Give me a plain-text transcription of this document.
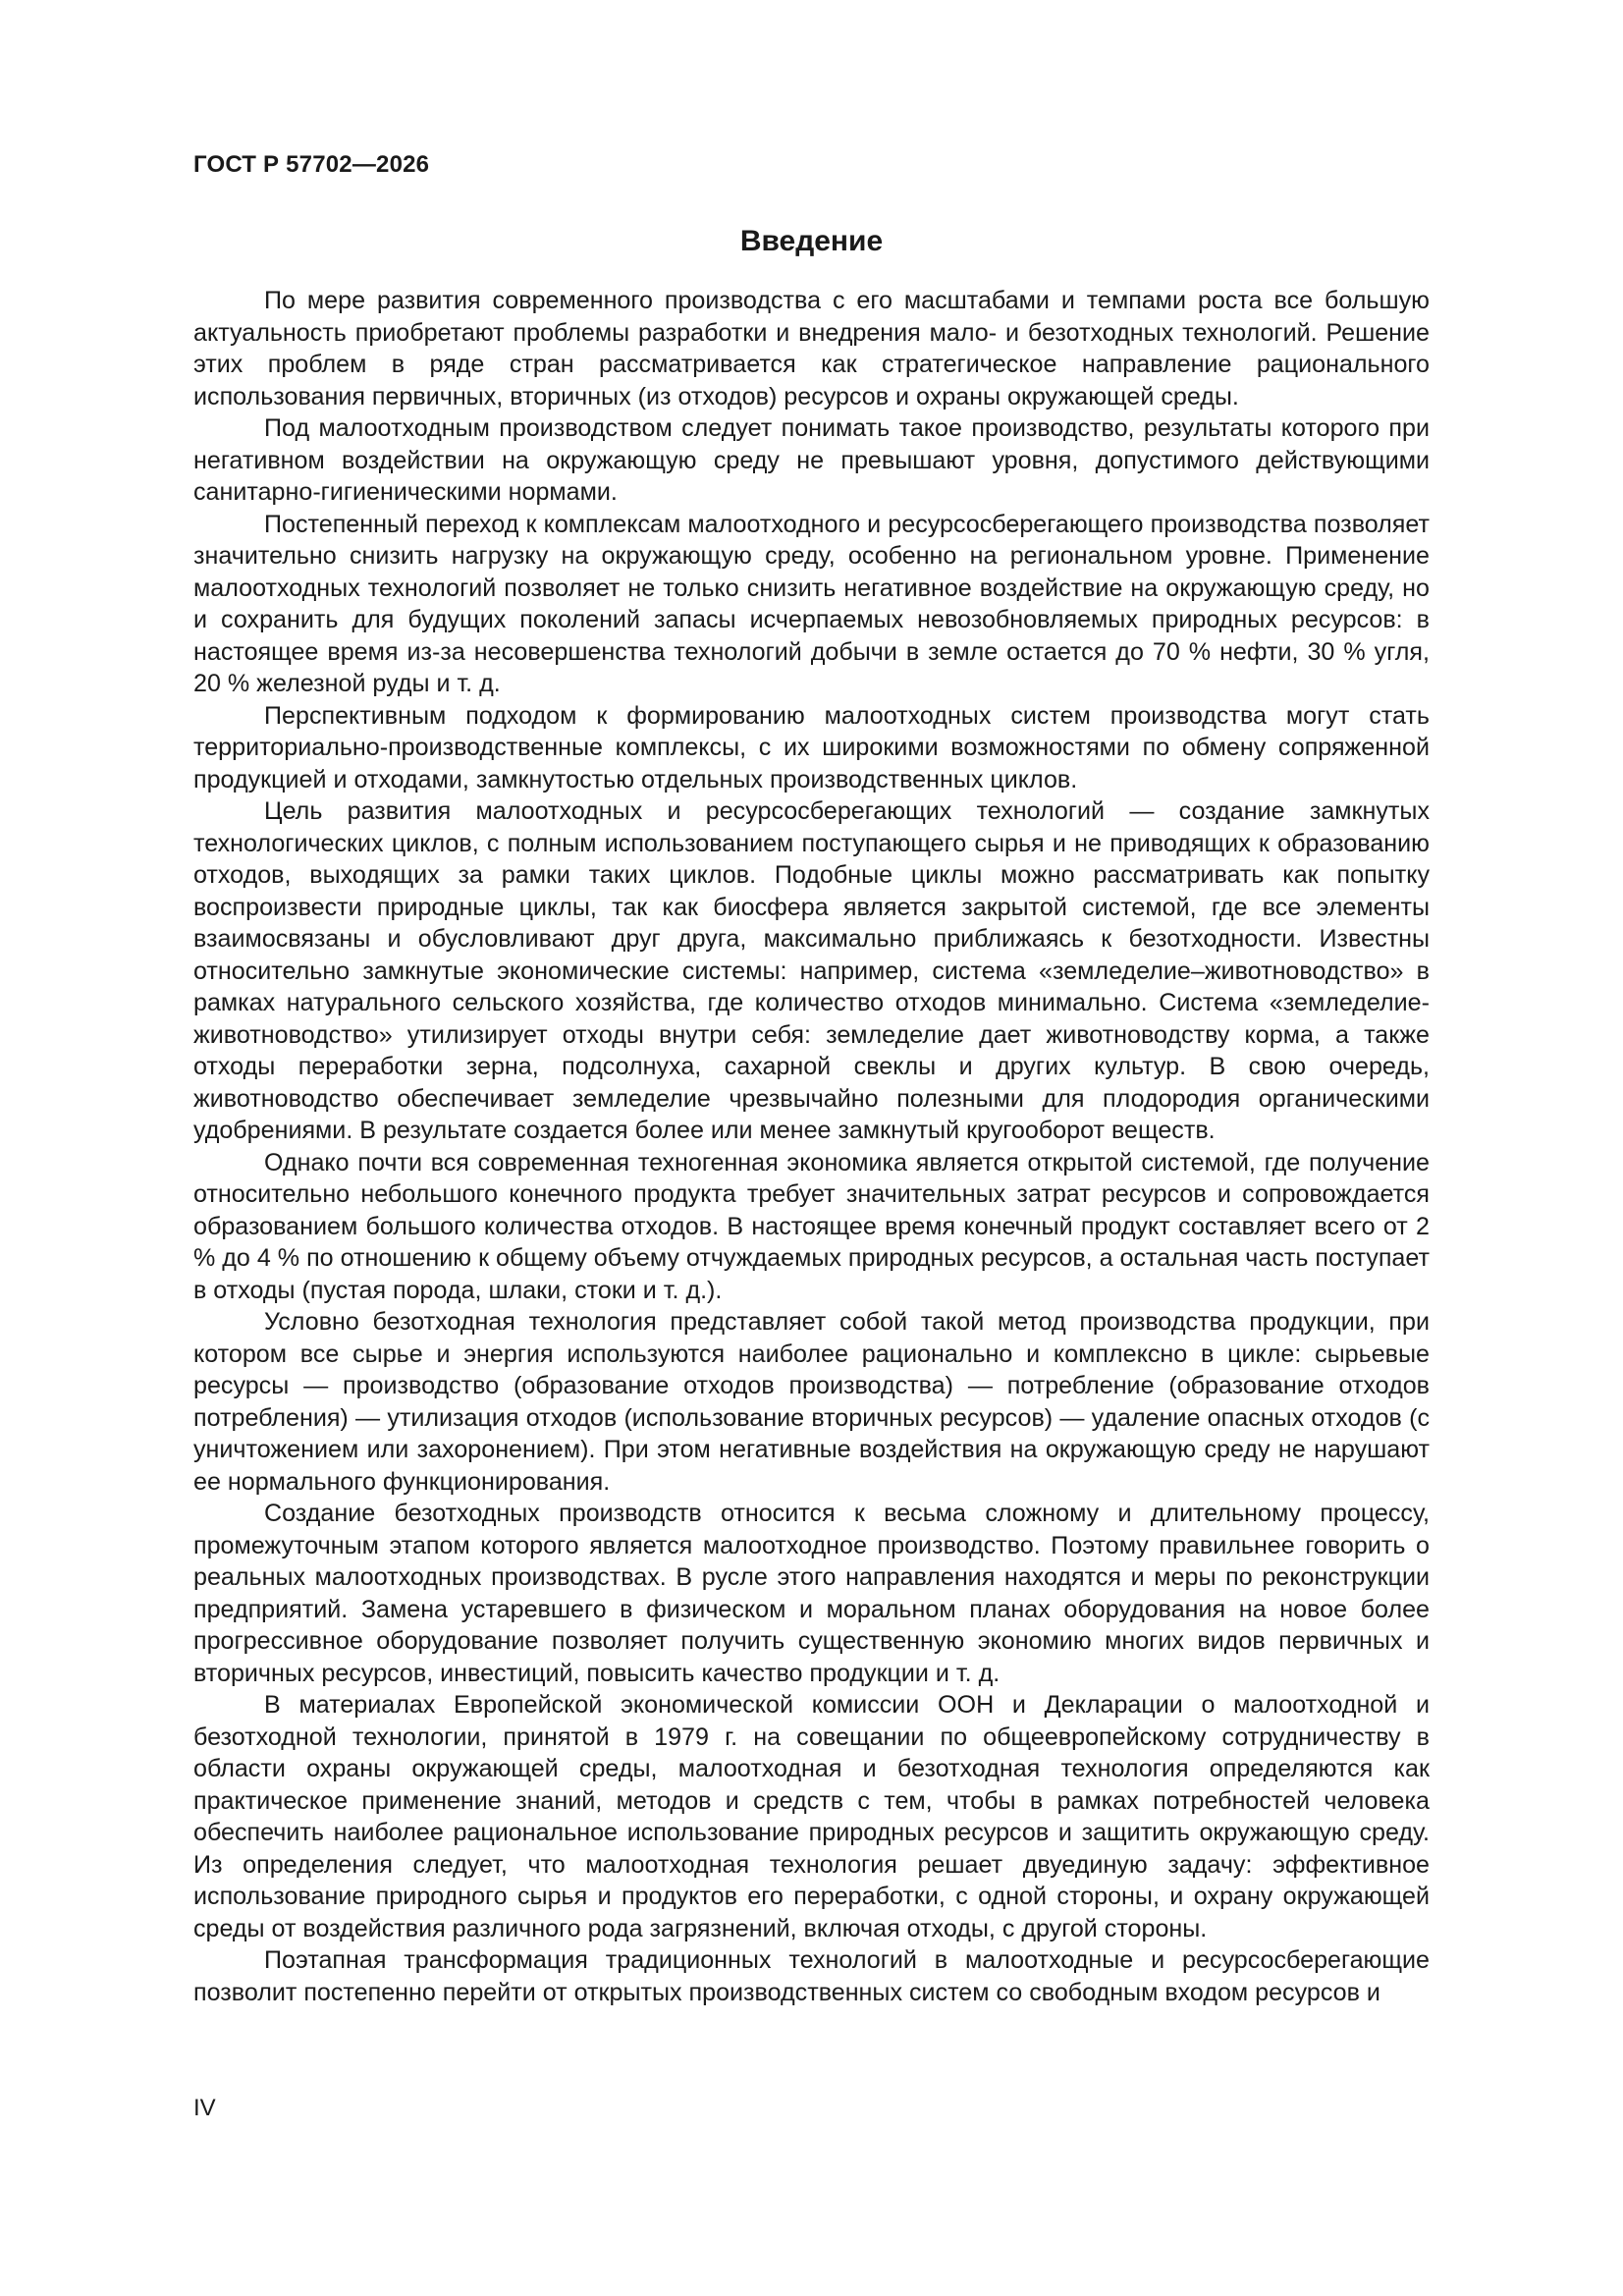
ГОСТ Р 57702—2026
Введение

По мере развития современного производства с его масштабами и темпами роста все большую актуальность приобретают проблемы разработки и внедрения мало- и безотходных технологий. Решение этих проблем в ряде стран рассматривается как стратегическое направление рационального использования первичных, вторичных (из отходов) ресурсов и охраны окружающей среды.

Под малоотходным производством следует понимать такое производство, результаты которого при негативном воздействии на окружающую среду не превышают уровня, допустимого действующими санитарно-гигиеническими нормами.

Постепенный переход к комплексам малоотходного и ресурсосберегающего производства позволяет значительно снизить нагрузку на окружающую среду, особенно на региональном уровне. Применение малоотходных технологий позволяет не только снизить негативное воздействие на окружающую среду, но и сохранить для будущих поколений запасы исчерпаемых невозобновляемых природных ресурсов: в настоящее время из-за несовершенства технологий добычи в земле остается до 70 % нефти, 30 % угля, 20 % железной руды и т. д.

Перспективным подходом к формированию малоотходных систем производства могут стать территориально-производственные комплексы, с их широкими возможностями по обмену сопряженной продукцией и отходами, замкнутостью отдельных производственных циклов.

Цель развития малоотходных и ресурсосберегающих технологий — создание замкнутых технологических циклов, с полным использованием поступающего сырья и не приводящих к образованию отходов, выходящих за рамки таких циклов. Подобные циклы можно рассматривать как попытку воспроизвести природные циклы, так как биосфера является закрытой системой, где все элементы взаимосвязаны и обусловливают друг друга, максимально приближаясь к безотходности. Известны относительно замкнутые экономические системы: например, система «земледелие–животноводство» в рамках натурального сельского хозяйства, где количество отходов минимально. Система «земледелие-животноводство» утилизирует отходы внутри себя: земледелие дает животноводству корма, а также отходы переработки зерна, подсолнуха, сахарной свеклы и других культур. В свою очередь, животноводство обеспечивает земледелие чрезвычайно полезными для плодородия органическими удобрениями. В результате создается более или менее замкнутый кругооборот веществ.

Однако почти вся современная техногенная экономика является открытой системой, где получение относительно небольшого конечного продукта требует значительных затрат ресурсов и сопровождается образованием большого количества отходов. В настоящее время конечный продукт составляет всего от 2 % до 4 % по отношению к общему объему отчуждаемых природных ресурсов, а остальная часть поступает в отходы (пустая порода, шлаки, стоки и т. д.).

Условно безотходная технология представляет собой такой метод производства продукции, при котором все сырье и энергия используются наиболее рационально и комплексно в цикле: сырьевые ресурсы — производство (образование отходов производства) — потребление (образование отходов потребления) — утилизация отходов (использование вторичных ресурсов) — удаление опасных отходов (с уничтожением или захоронением). При этом негативные воздействия на окружающую среду не нарушают ее нормального функционирования.

Создание безотходных производств относится к весьма сложному и длительному процессу, промежуточным этапом которого является малоотходное производство. Поэтому правильнее говорить о реальных малоотходных производствах. В русле этого направления находятся и меры по реконструкции предприятий. Замена устаревшего в физическом и моральном планах оборудования на новое более прогрессивное оборудование позволяет получить существенную экономию многих видов первичных и вторичных ресурсов, инвестиций, повысить качество продукции и т. д.

В материалах Европейской экономической комиссии ООН и Декларации о малоотходной и безотходной технологии, принятой в 1979 г. на совещании по общеевропейскому сотрудничеству в области охраны окружающей среды, малоотходная и безотходная технология определяются как практическое применение знаний, методов и средств с тем, чтобы в рамках потребностей человека обеспечить наиболее рациональное использование природных ресурсов и защитить окружающую среду. Из определения следует, что малоотходная технология решает двуединую задачу: эффективное использование природного сырья и продуктов его переработки, с одной стороны, и охрану окружающей среды от воздействия различного рода загрязнений, включая отходы, с другой стороны.

Поэтапная трансформация традиционных технологий в малоотходные и ресурсосберегающие позволит постепенно перейти от открытых производственных систем со свободным входом ресурсов и

IV
